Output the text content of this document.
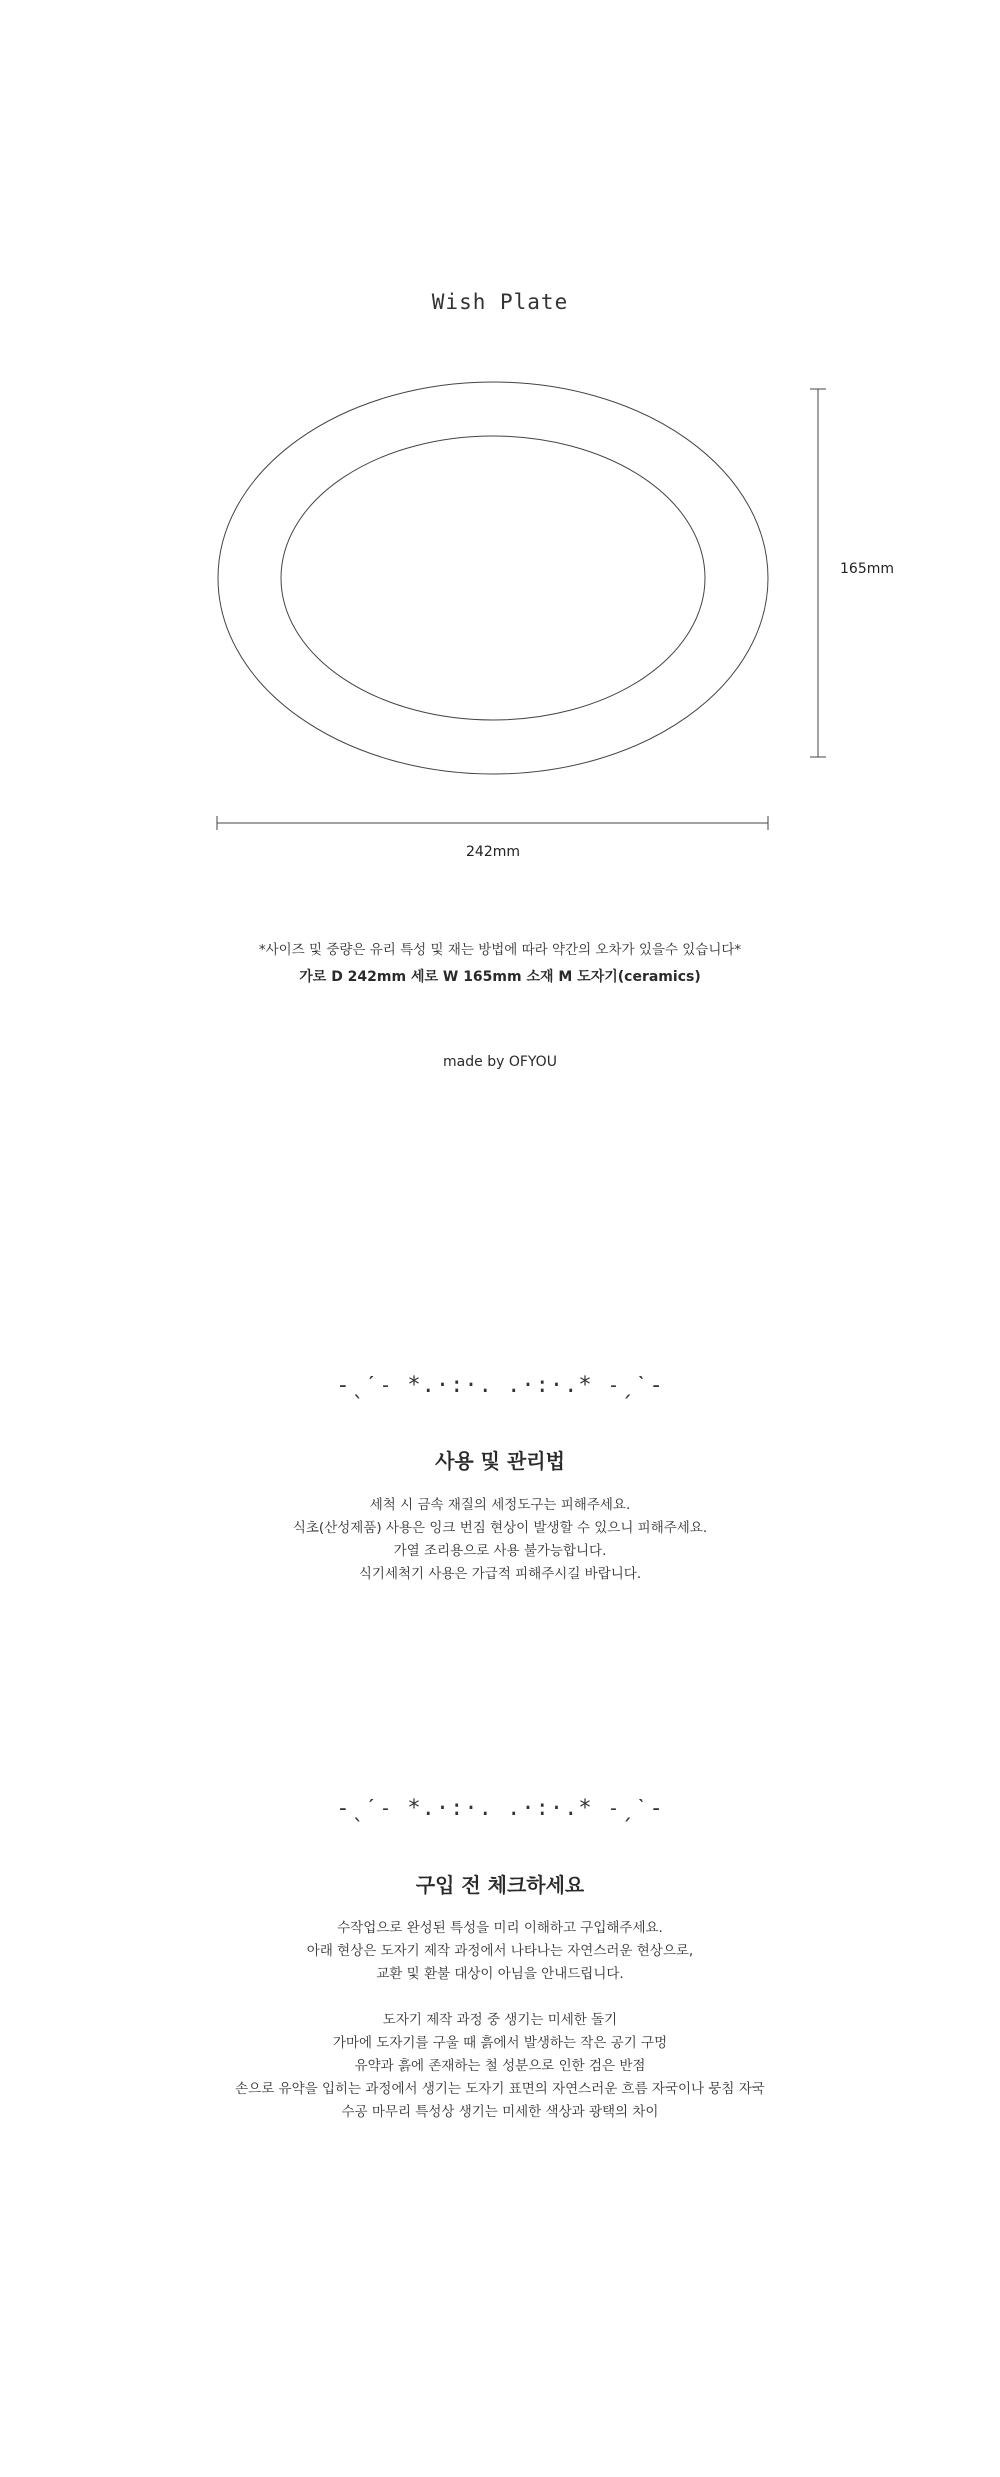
Wish Plate
165mm
242mm
*사이즈 및 중량은 유리 특성 및 재는 방법에 따라 약간의 오차가 있을수 있습니다*
가로 D 242mm 세로 W 165mm 소재 M 도자기(ceramics)
made by OFYOU
-ˎˊ˗ *.·:·. .·:·.* ˗ˏˋ-
사용 및 관리법
세척 시 금속 재질의 세정도구는 피해주세요.
식초(산성제품) 사용은 잉크 번짐 현상이 발생할 수 있으니 피해주세요.
가열 조리용으로 사용 불가능합니다.
식기세척기 사용은 가급적 피해주시길 바랍니다.
-ˎˊ˗ *.·:·. .·:·.* ˗ˏˋ-
구입 전 체크하세요
수작업으로 완성된 특성을 미리 이해하고 구입해주세요.
아래 현상은 도자기 제작 과정에서 나타나는 자연스러운 현상으로,
교환 및 환불 대상이 아님을 안내드립니다.
도자기 제작 과정 중 생기는 미세한 돌기
가마에 도자기를 구울 때 흙에서 발생하는 작은 공기 구멍
유약과 흙에 존재하는 철 성분으로 인한 검은 반점
손으로 유약을 입히는 과정에서 생기는 도자기 표면의 자연스러운 흐름 자국이나 뭉침 자국
수공 마무리 특성상 생기는 미세한 색상과 광택의 차이
